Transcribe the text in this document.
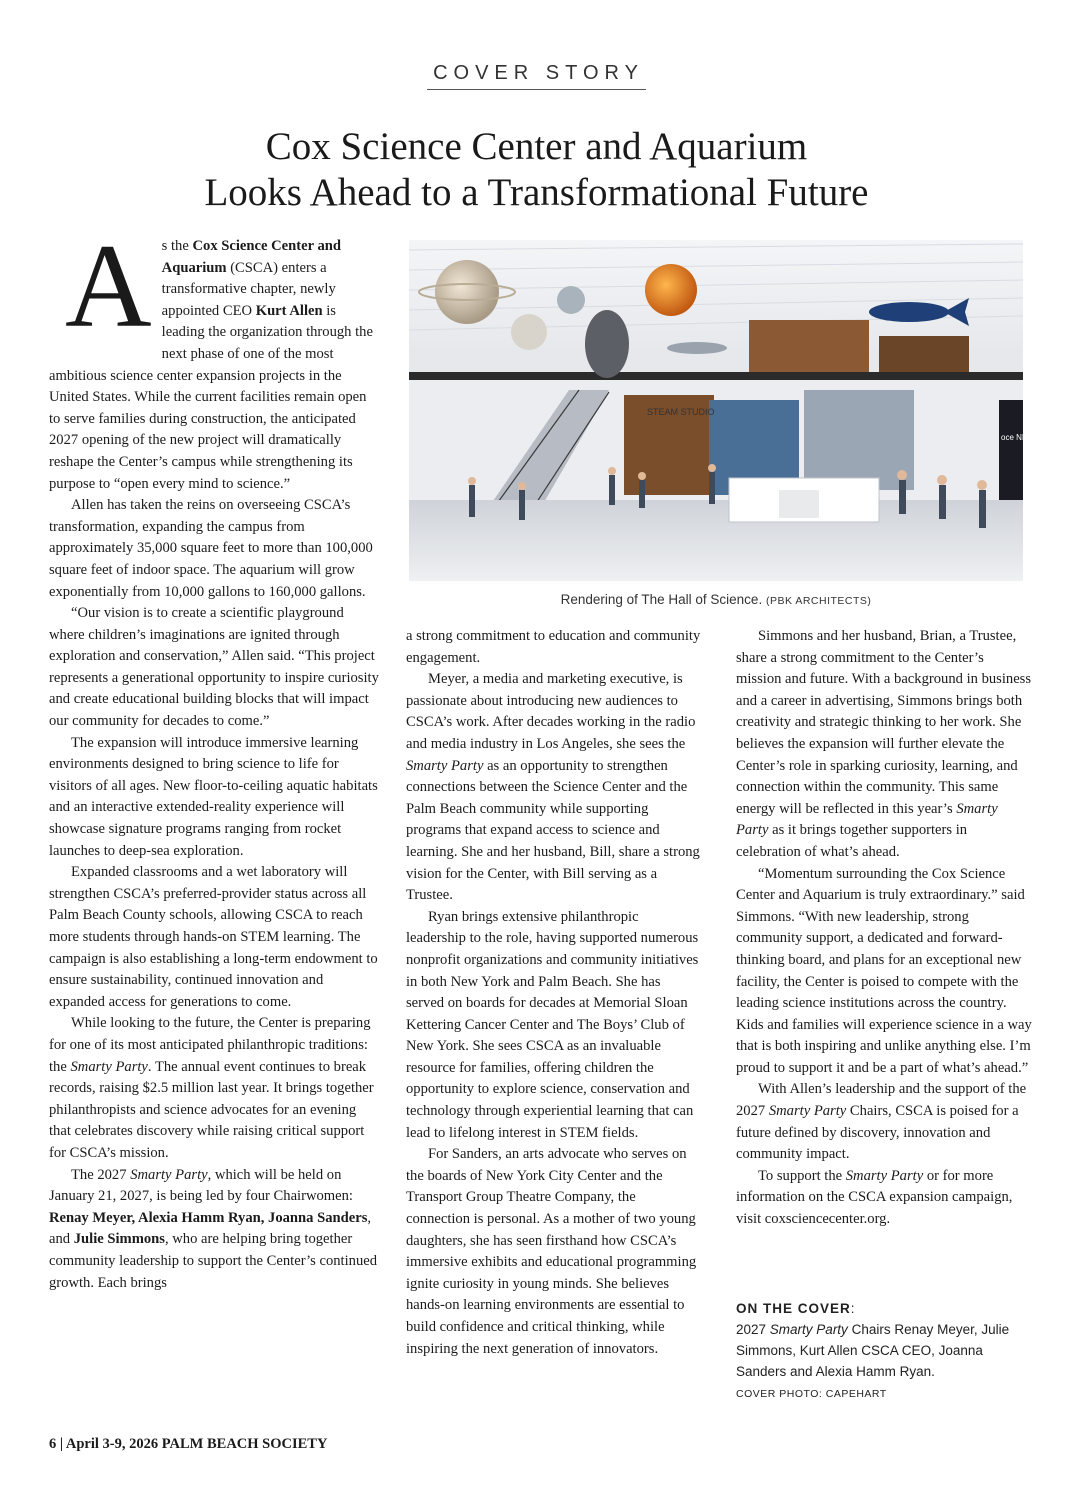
COVER STORY
Cox Science Center and Aquarium
Looks Ahead to a Transformational Future

As the Cox Science Center and Aquarium (CSCA) enters a transformative chapter, newly appointed CEO Kurt Allen is leading the organization through the next phase of one of the most ambitious science center expansion projects in the United States. While the current facilities remain open to serve families during construction, the anticipated 2027 opening of the new project will dramatically reshape the Center’s campus while strengthening its purpose to “open every mind to science.”

Allen has taken the reins on overseeing CSCA’s transformation, expanding the campus from approximately 35,000 square feet to more than 100,000 square feet of indoor space. The aquarium will grow exponentially from 10,000 gallons to 160,000 gallons.

“Our vision is to create a scientific playground where children’s imaginations are ignited through exploration and conservation,” Allen said. “This project represents a generational opportunity to inspire curiosity and create educational building blocks that will impact our community for decades to come.”

The expansion will introduce immersive learning environments designed to bring science to life for visitors of all ages. New floor-to-ceiling aquatic habitats and an interactive extended-reality experience will showcase signature programs ranging from rocket launches to deep-sea exploration.

Expanded classrooms and a wet laboratory will strengthen CSCA’s preferred-provider status across all Palm Beach County schools, allowing CSCA to reach more students through hands-on STEM learning. The campaign is also establishing a long-term endowment to ensure sustainability, continued innovation and expanded access for generations to come.

While looking to the future, the Center is preparing for one of its most anticipated philanthropic traditions: the Smarty Party. The annual event continues to break records, raising $2.5 million last year. It brings together philanthropists and science advocates for an evening that celebrates discovery while raising critical support for CSCA’s mission.

The 2027 Smarty Party, which will be held on January 21, 2027, is being led by four Chairwomen: Renay Meyer, Alexia Hamm Ryan, Joanna Sanders, and Julie Simmons, who are helping bring together community leadership to support the Center’s continued growth. Each brings

STEAM STUDIO
oce NIG MU
Rendering of The Hall of Science. (PBK ARCHITECTS)

a strong commitment to education and community engagement.

Meyer, a media and marketing executive, is passionate about introducing new audiences to CSCA’s work. After decades working in the radio and media industry in Los Angeles, she sees the Smarty Party as an opportunity to strengthen connections between the Science Center and the Palm Beach community while supporting programs that expand access to science and learning. She and her husband, Bill, share a strong vision for the Center, with Bill serving as a Trustee.

Ryan brings extensive philanthropic leadership to the role, having supported numerous nonprofit organizations and community initiatives in both New York and Palm Beach. She has served on boards for decades at Memorial Sloan Kettering Cancer Center and The Boys’ Club of New York. She sees CSCA as an invaluable resource for families, offering children the opportunity to explore science, conservation and technology through experiential learning that can lead to lifelong interest in STEM fields.

For Sanders, an arts advocate who serves on the boards of New York City Center and the Transport Group Theatre Company, the connection is personal. As a mother of two young daughters, she has seen firsthand how CSCA’s immersive exhibits and educational programming ignite curiosity in young minds. She believes hands-on learning environments are essential to build confidence and critical thinking, while inspiring the next generation of innovators.

Simmons and her husband, Brian, a Trustee, share a strong commitment to the Center’s mission and future. With a background in business and a career in advertising, Simmons brings both creativity and strategic thinking to her work. She believes the expansion will further elevate the Center’s role in sparking curiosity, learning, and connection within the community. This same energy will be reflected in this year’s Smarty Party as it brings together supporters in celebration of what’s ahead.

“Momentum surrounding the Cox Science Center and Aquarium is truly extraordinary.” said Simmons. “With new leadership, strong community support, a dedicated and forward-thinking board, and plans for an exceptional new facility, the Center is poised to compete with the leading science institutions across the country. Kids and families will experience science in a way that is both inspiring and unlike anything else. I’m proud to support it and be a part of what’s ahead.”

With Allen’s leadership and the support of the 2027 Smarty Party Chairs, CSCA is poised for a future defined by discovery, innovation and community impact.

To support the Smarty Party or for more information on the CSCA expansion campaign, visit coxsciencecenter.org.

ON THE COVER:
2027 Smarty Party Chairs Renay Meyer, Julie Simmons, Kurt Allen CSCA CEO, Joanna Sanders and Alexia Hamm Ryan.
COVER PHOTO: CAPEHART
6 | April 3-9, 2026 PALM BEACH SOCIETY
